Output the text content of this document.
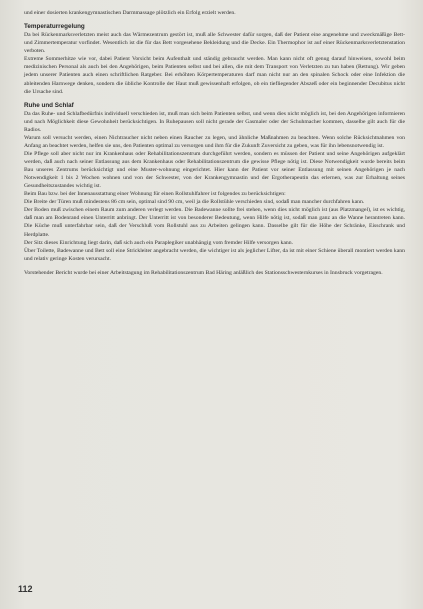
und einer dosierten krankengymnastischen Darmmassage plötzlich ein Erfolg erzielt werden.

Temperaturregelung

Da bei Rückenmarksverletzten meist auch das Wärmezentrum gestört ist, muß alle Schwester dafür sorgen, daß der Patient eine angenehme und zweckmäßige Bett- und Zimmertemperatur vorfindet. Wesentlich ist die für das Bett vorgesehene Bekleidung und die Decke. Ein Thermophor ist auf einer Rückenmarksverletztenstation verboten.

Extreme Sommerhitze wie vor, dabei Patient Vorsicht beim Aufenthalt und ständig gebraucht werden. Man kann nicht oft genug darauf hinweisen, sowohl beim medizinischen Personal als auch bei den Angehörigen, beim Patienten selbst und bei allen, die mit dem Transport von Verletzten zu tun haben (Rettung). Wir geben jedem unserer Patienten auch einen schriftlichen Ratgeber. Bei erhöhten Körpertemperaturen darf man nicht nur an den spinalen Schock oder eine Infektion die ableitenden Harnwege denken, sondern die übliche Kontrolle der Haut muß gewissenhaft erfolgen, ob ein tiefliegender Abszeß oder ein beginnender Decubitus nicht die Ursache sind.

Ruhe und Schlaf

Da das Ruhe- und Schlafbedürfnis individuell verschieden ist, muß man sich beim Patienten selbst, und wenn dies nicht möglich ist, bei den Angehörigen informieren und nach Möglichkeit diese Gewohnheit berücksichtigen. In Ruhepausen soll nicht gerade der Gasmaler oder der Schuhmacher kommen, dasselbe gilt auch für die Radios.

Warum soll versucht werden, einen Nichtraucher nicht neben einen Raucher zu legen, und ähnliche Maßnahmen zu beachten. Wenn solche Rücksichtnahmen von Anfang an beachtet werden, helfen sie uns, den Patienten optimal zu versorgen und ihm für die Zukunft Zuversicht zu geben, was für ihn lebensnotwendig ist.

Die Pflege soll aber nicht nur im Krankenhaus oder Rehabilitationszentrum durchgeführt werden, sondern es müssen der Patient und seine Angehörigen aufgeklärt werden, daß auch nach seiner Entlassung aus dem Krankenhaus oder Rehabilitationszentrum die gewisse Pflege nötig ist. Diese Notwendigkeit wurde bereits beim Bau unseres Zentrums berücksichtigt und eine Muster-wohnung eingerichtet. Hier kann der Patient vor seiner Entlassung mit seinen Angehörigen je nach Notwendigkeit 1 bis 2 Wochen wohnen und von der Schwester, von der Krankengymnastin und der Ergotherapeutin das erlernen, was zur Erhaltung seines Gesundheitszustandes wichtig ist.

Beim Bau bzw. bei der Innenausstattung einer Wohnung für einen Rollstuhlfahrer ist folgendes zu berücksichtigen:

Die Breite der Türen muß mindestens 86 cm sein, optimal sind 90 cm, weil ja die Rollstühle verschieden sind, sodaß man mancher durchfahren kann.

Der Boden muß zwischen einem Raum zum anderen verlegt werden. Die Badewanne sollte frei stehen, wenn dies nicht möglich ist (aus Platzmangel), ist es wichtig, daß man am Bodenrand einen Unterritt anbringt. Der Unterritt ist von besonderer Bedeutung, wenn Hilfe nötig ist, sodaß man ganz an die Wanne herantreten kann. Die Küche muß unterfahrbar sein, daß der Verschluß vom Rollstuhl aus zu Arbeiten gelingen kann. Dasselbe gilt für die Höhe der Schränke, Eisschrank und Herdplatte.

Der Sitz dieses Einrichtung liegt darin, daß sich auch ein Paraplegiker unabhängig vom fremder Hilfe versorgen kann.

Über Toilette, Badewanne und Bett soll eine Strickleiter angebracht werden, die wichtiger ist als jeglicher Lifter, da ist mit einer Schiene überall montiert werden kann und relativ geringe Kosten verursacht.

Vorstehender Bericht wurde bei einer Arbeitstagung im Rehabilitationszentrum Bad Häring anläßlich des Stationsschwesternkurses in Innsbruck vorgetragen.

112
